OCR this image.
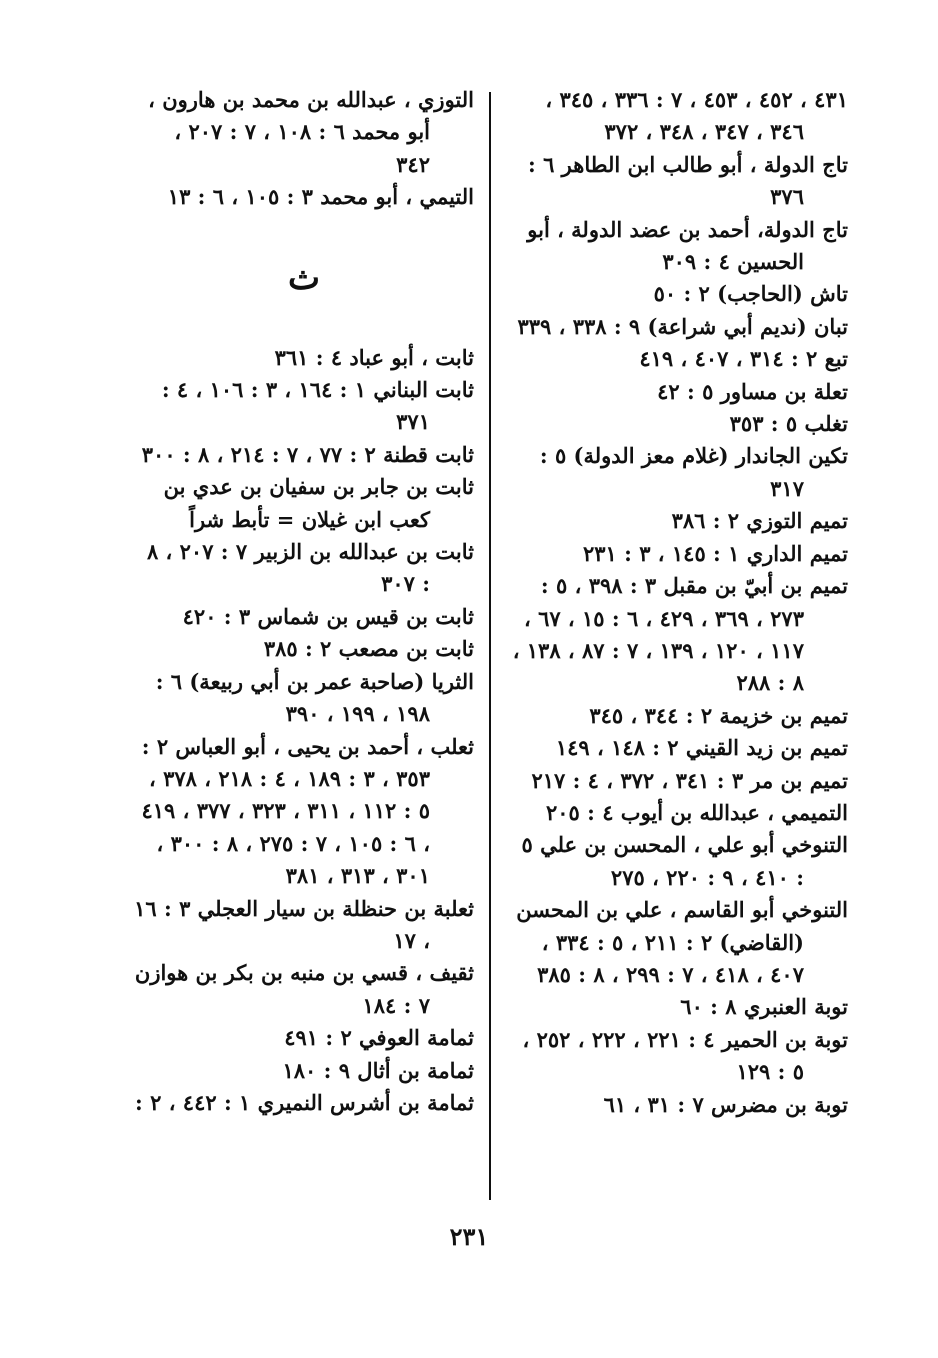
٤٣١ ، ٤٥٢ ، ٤٥٣ ، ٧ : ٣٣٦ ، ٣٤٥ ، ٣٤٦ ، ٣٤٧ ، ٣٤٨ ، ٣٧٢

تاج الدولة ، أبو طالب ابن الطاهر ٦ : ٣٧٦

تاج الدولة، أحمد بن عضد الدولة ، أبو الحسين ٤ : ٣٠٩

تاش (الحاجب) ٢ : ٥٠

تبان (نديم أبي شراعة) ٩ : ٣٣٨ ، ٣٣٩

تبع ٢ : ٣١٤ ، ٤٠٧ ، ٤١٩

تعلة بن مساور ٥ : ٤٢

تغلب ٥ : ٣٥٣

تكين الجاندار (غلام معز الدولة) ٥ : ٣١٧

تميم التوزي ٢ : ٣٨٦

تميم الداري ١ : ١٤٥ ، ٣ : ٢٣١

تميم بن أبيّ بن مقبل ٣ : ٣٩٨ ، ٥ : ٢٧٣ ، ٣٦٩ ، ٤٢٩ ، ٦ : ١٥ ، ٦٧ ، ١١٧ ، ١٢٠ ، ١٣٩ ، ٧ : ٨٧ ، ١٣٨ ، ٨ : ٢٨٨

تميم بن خزيمة ٢ : ٣٤٤ ، ٣٤٥

تميم بن زيد القيني ٢ : ١٤٨ ، ١٤٩

تميم بن مر ٣ : ٣٤١ ، ٣٧٢ ، ٤ : ٢١٧

التميمي ، عبدالله بن أيوب ٤ : ٢٠٥

التنوخي أبو علي ، المحسن بن علي ٥ : ٤١٠ ، ٩ : ٢٢٠ ، ٢٧٥

التنوخي أبو القاسم ، علي بن المحسن (القاضي) ٢ : ٢١١ ، ٥ : ٣٣٤ ، ٤٠٧ ، ٤١٨ ، ٧ : ٢٩٩ ، ٨ : ٣٨٥

توبة العنبري ٨ : ٦٠

توبة بن الحمير ٤ : ٢٢١ ، ٢٢٢ ، ٢٥٢ ، ٥ : ١٢٩

توبة بن مضرس ٧ : ٣١ ، ٦١

التوزي ، عبدالله بن محمد بن هارون ، أبو محمد ٦ : ١٠٨ ، ٧ : ٢٠٧ ، ٣٤٢

التيمي ، أبو محمد ٣ : ١٠٥ ، ٦ : ١٣

ث

ثابت ، أبو عباد ٤ : ٣٦١

ثابت البناني ١ : ١٦٤ ، ٣ : ١٠٦ ، ٤ : ٣٧١

ثابت قطنة ٢ : ٧٧ ، ٧ : ٢١٤ ، ٨ : ٣٠٠

ثابت بن جابر بن سفيان بن عدي بن كعب ابن غيلان = تأبط شراً

ثابت بن عبدالله بن الزبير ٧ : ٢٠٧ ، ٨ : ٣٠٧

ثابت بن قيس بن شماس ٣ : ٤٢٠

ثابت بن مصعب ٢ : ٣٨٥

الثريا (صاحبة عمر بن أبي ربيعة) ٦ : ١٩٨ ، ١٩٩ ، ٣٩٠

ثعلب ، أحمد بن يحيى ، أبو العباس ٢ : ٣٥٣ ، ٣ : ١٨٩ ، ٤ : ٢١٨ ، ٣٧٨ ، ٥ : ١١٢ ، ٣١١ ، ٣٢٣ ، ٣٧٧ ، ٤١٩ ، ٦ : ١٠٥ ، ٧ : ٢٧٥ ، ٨ : ٣٠٠ ، ٣٠١ ، ٣١٣ ، ٣٨١

ثعلبة بن حنظلة بن سيار العجلي ٣ : ١٦ ، ١٧

ثقيف ، قسي بن منبه بن بكر بن هوازن ٧ : ١٨٤

ثمامة العوفي ٢ : ٤٩١

ثمامة بن أثال ٩ : ١٨٠

ثمامة بن أشرس النميري ١ : ٤٤٢ ، ٢ :

٢٣١
